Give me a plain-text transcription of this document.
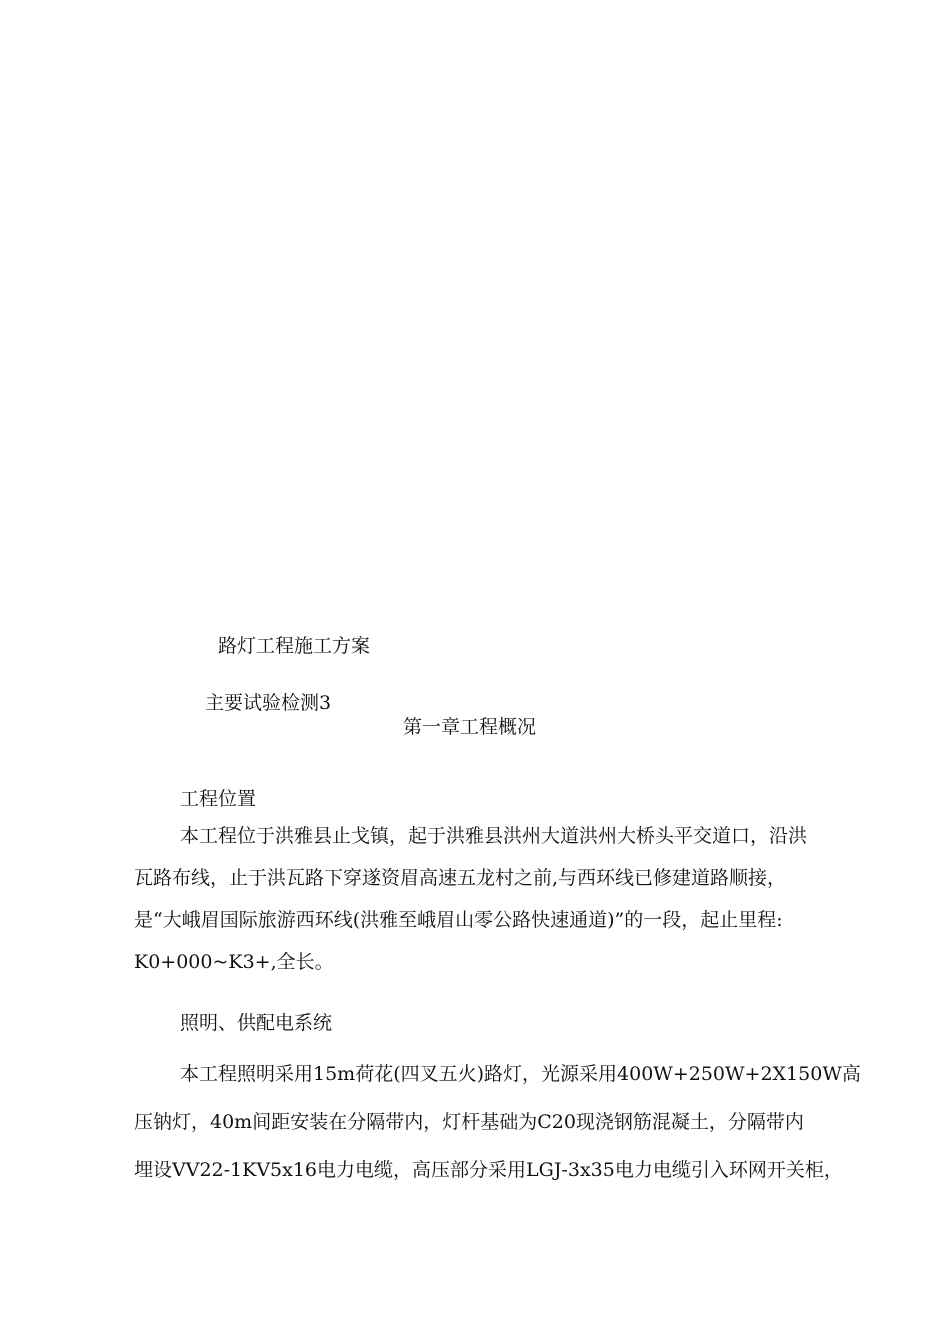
路灯工程施工方案
主要试验检测3
第一章工程概况
工程位置
本工程位于洪雅县止戈镇，起于洪雅县洪州大道洪州大桥头平交道口，沿洪
瓦路布线，止于洪瓦路下穿遂资眉高速五龙村之前,与西环线已修建道路顺接，
是“大峨眉国际旅游西环线(洪雅至峨眉山零公路快速通道)”的一段，起止里程:
K0+000~K3+,全长。
照明、供配电系统
本工程照明采用15m荷花(四叉五火)路灯，光源采用400W+250W+2X150W高
压钠灯，40m间距安装在分隔带内，灯杆基础为C20现浇钢筋混凝土，分隔带内
埋设VV22-1KV5x16电力电缆，高压部分采用LGJ-3x35电力电缆引入环网开关柜，
